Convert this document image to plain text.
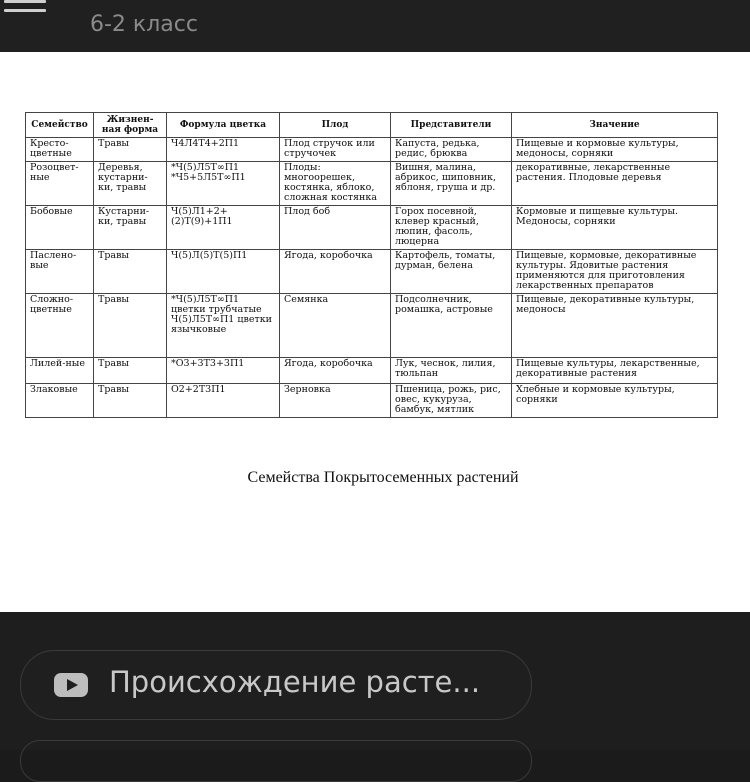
6-2 класс
Семейство	Жизнен-ная форма	Формула цветка	Плод	Представители	Значение
Кресто-цветные	Травы	Ч4Л4Т4+2П1	Плод стручок или стручочек	Капуста, редька, редис, брюква	Пищевые и кормовые культуры, медоносы, сорняки
Розоцвет-ные	Деревья, кустарни-ки, травы	*Ч(5)Л5Т∞П1 *Ч5+5Л5Т∞П1	Плоды: многоорешек, костянка, яблоко, сложная костянка	Вишня, малина, абрикос, шиповник, яблоня, груша и др.	декоративные, лекарственные растения. Плодовые деревья
Бобовые	Кустарни-ки, травы	Ч(5)Л1+2+(2)Т(9)+1П1	Плод боб	Горох посевной, клевер красный, люпин, фасоль, люцерна	Кормовые и пищевые культуры. Медоносы, сорняки
Паслено-вые	Травы	Ч(5)Л(5)Т(5)П1	Ягода, коробочка	Картофель, томаты, дурман, белена	Пищевые, кормовые, декоративные культуры. Ядовитые растения применяются для приготовления лекарственных препаратов
Сложно-цветные	Травы	*Ч(5)Л5Т∞П1 цветки трубчатые Ч(5)Л5Т∞П1 цветки язычковые	Семянка	Подсолнечник, ромашка, астровые	Пищевые, декоративные культуры, медоносы
Лилей-ные	Травы	*О3+3Т3+3П1	Ягода, коробочка	Лук, чеснок, лилия, тюльпан	Пищевые культуры, лекарственные, декоративные растения
Злаковые	Травы	О2+2Т3П1	Зерновка	Пшеница, рожь, рис, овес, кукуруза, бамбук, мятлик	Хлебные и кормовые культуры, сорняки
Семейства Покрытосеменных растений
Происхождение расте...
